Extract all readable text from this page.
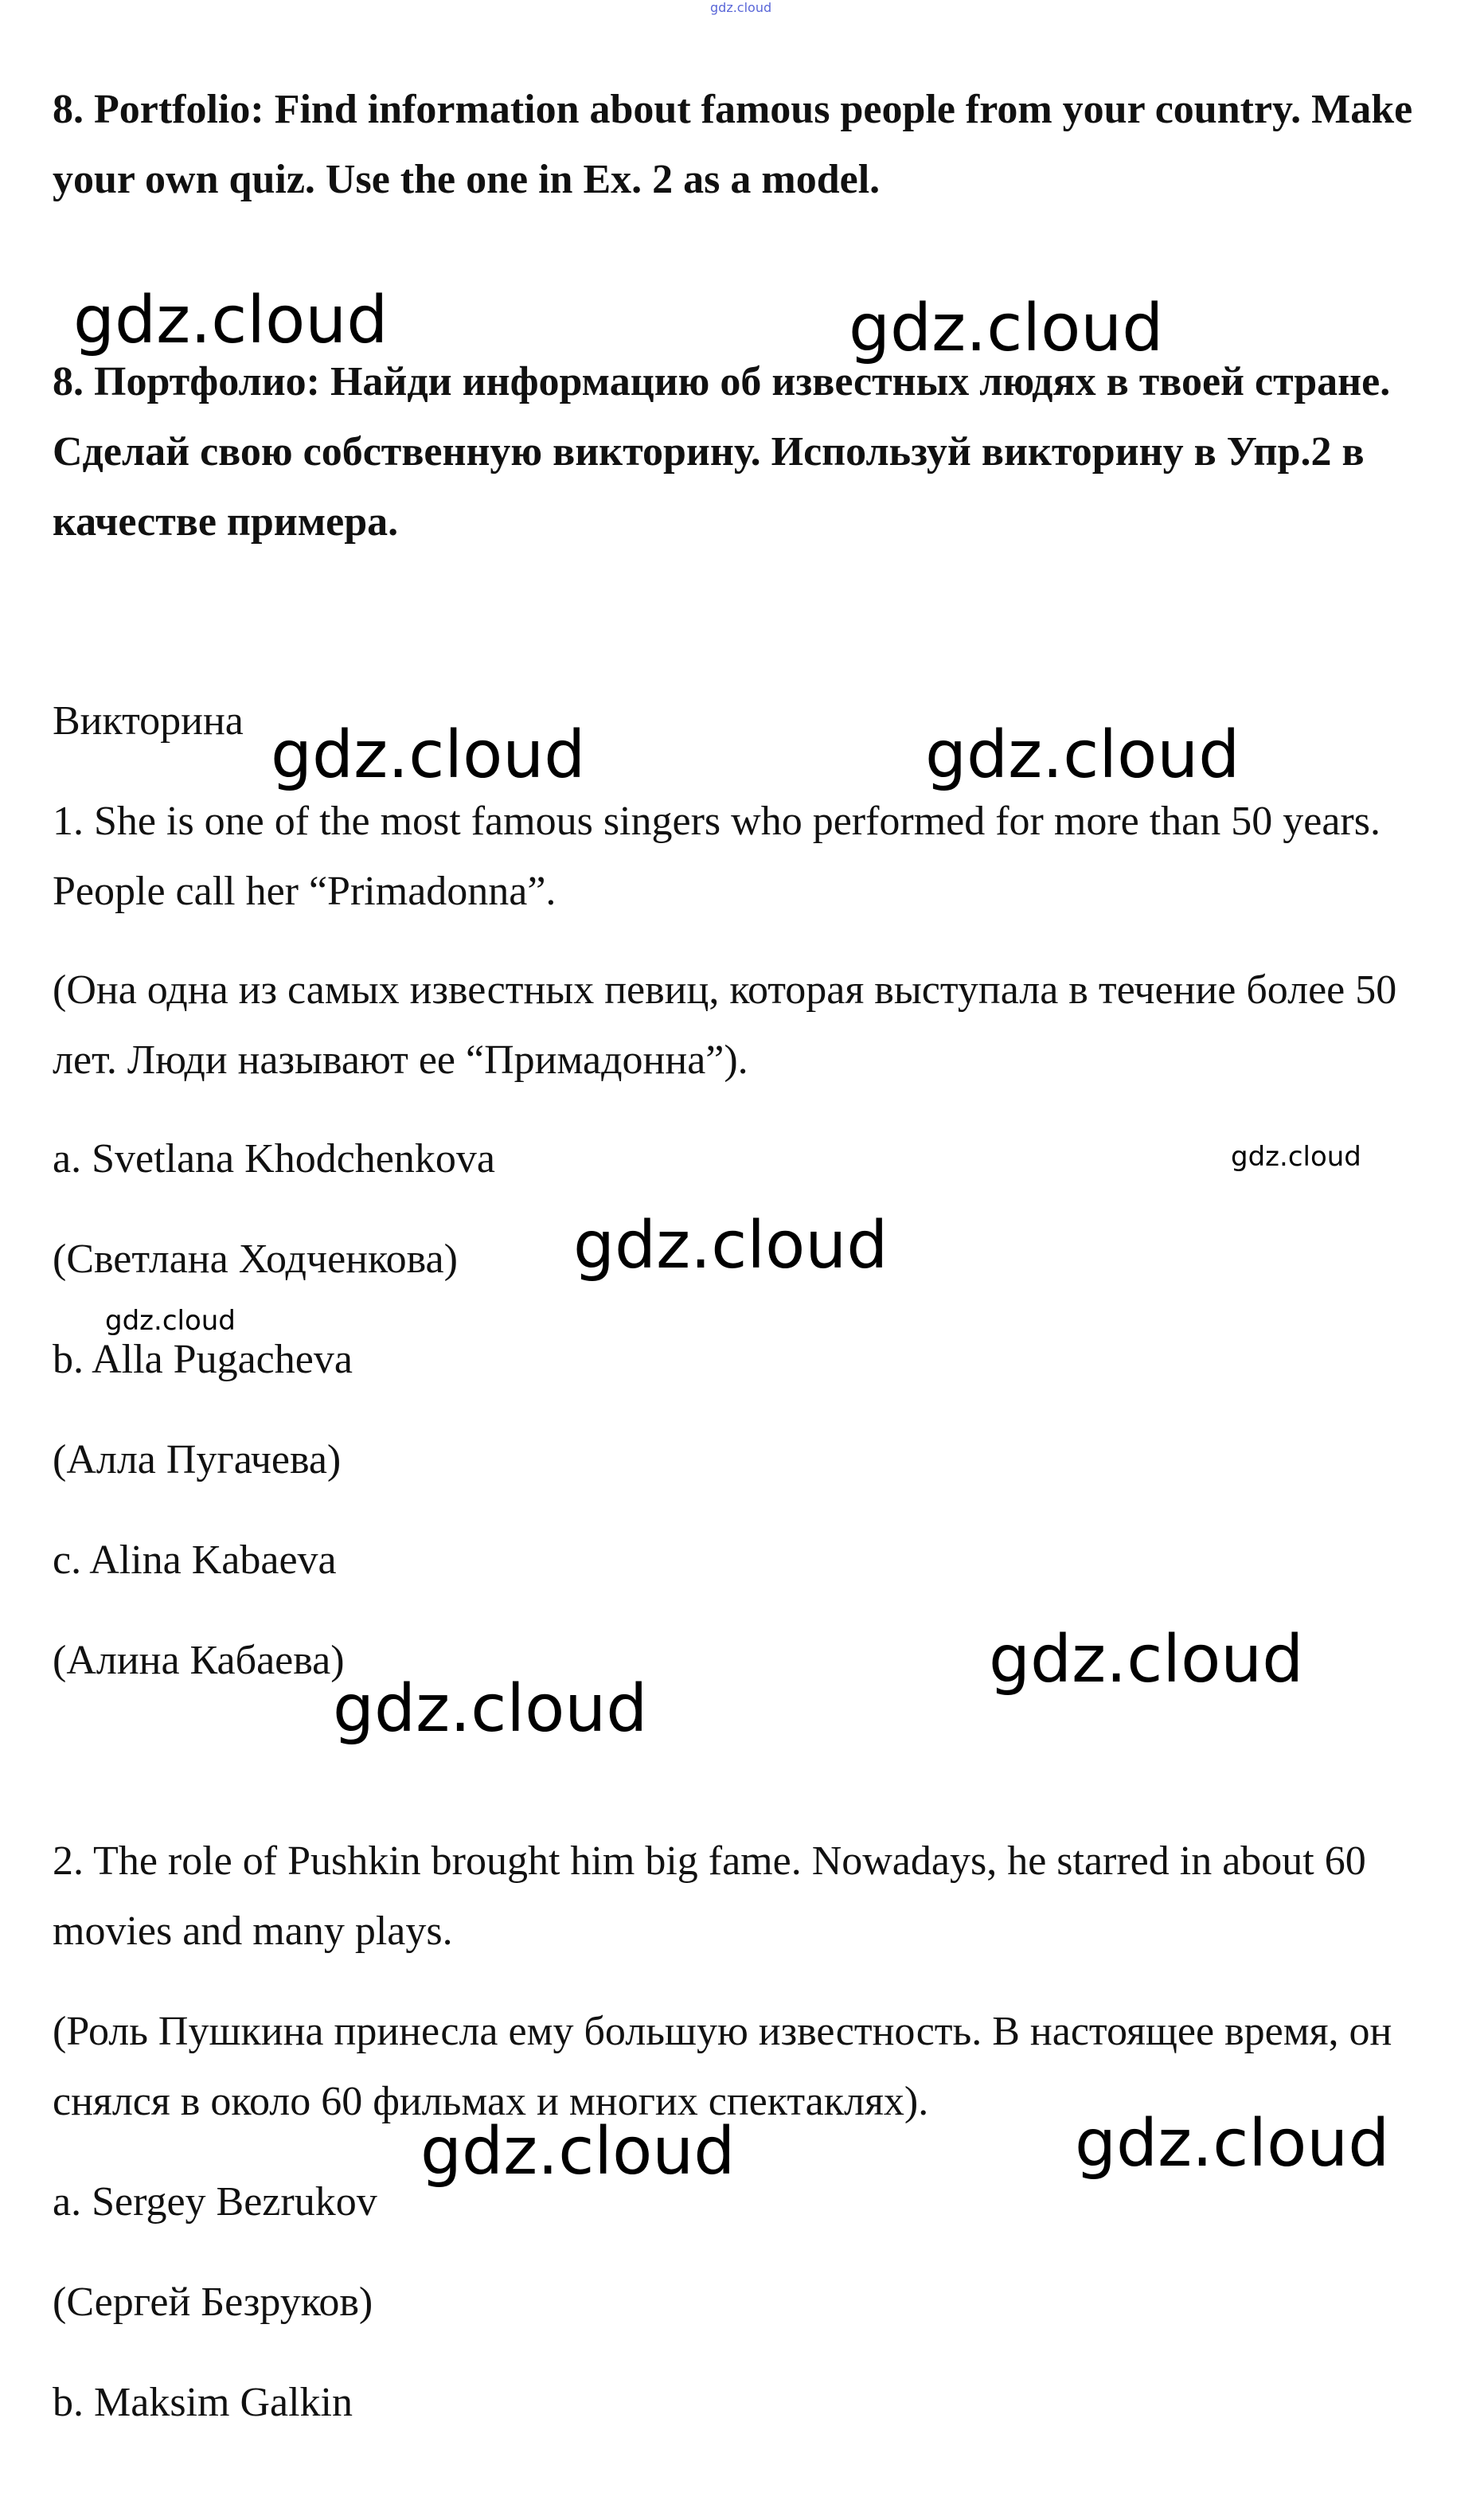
gdz.cloud
8. Portfolio: Find information about famous people from your country. Make your own quiz. Use the one in Ex. 2 as a model.
8. Портфолио: Найди информацию об известных людях в твоей стране. Сделай свою собственную викторину. Используй викторину в Упр.2 в качестве примера.
Викторина
1. She is one of the most famous singers who performed for more than 50 years. People call her “Primadonna”.
(Она одна из самых известных певиц, которая выступала в течение более 50 лет. Люди называют ее “Примадонна”).
a. Svetlana Khodchenkova
(Светлана Ходченкова)
b. Alla Pugacheva
(Алла Пугачева)
c. Alina Kabaeva
(Алина Кабаева)
2. The role of Pushkin brought him big fame. Nowadays, he starred in about 60 movies and many plays.
(Роль Пушкина принесла ему большую известность. В настоящее время, он снялся в около 60 фильмах и многих спектаклях).
a. Sergey Bezrukov
(Сергей Безруков)
b. Maksim Galkin
gdz.cloud	gdz.cloud
gdz.cloud	gdz.cloud
gdz.cloud
gdz.cloud
gdz.cloud
gdz.cloud
gdz.cloud
gdz.cloud	gdz.cloud
